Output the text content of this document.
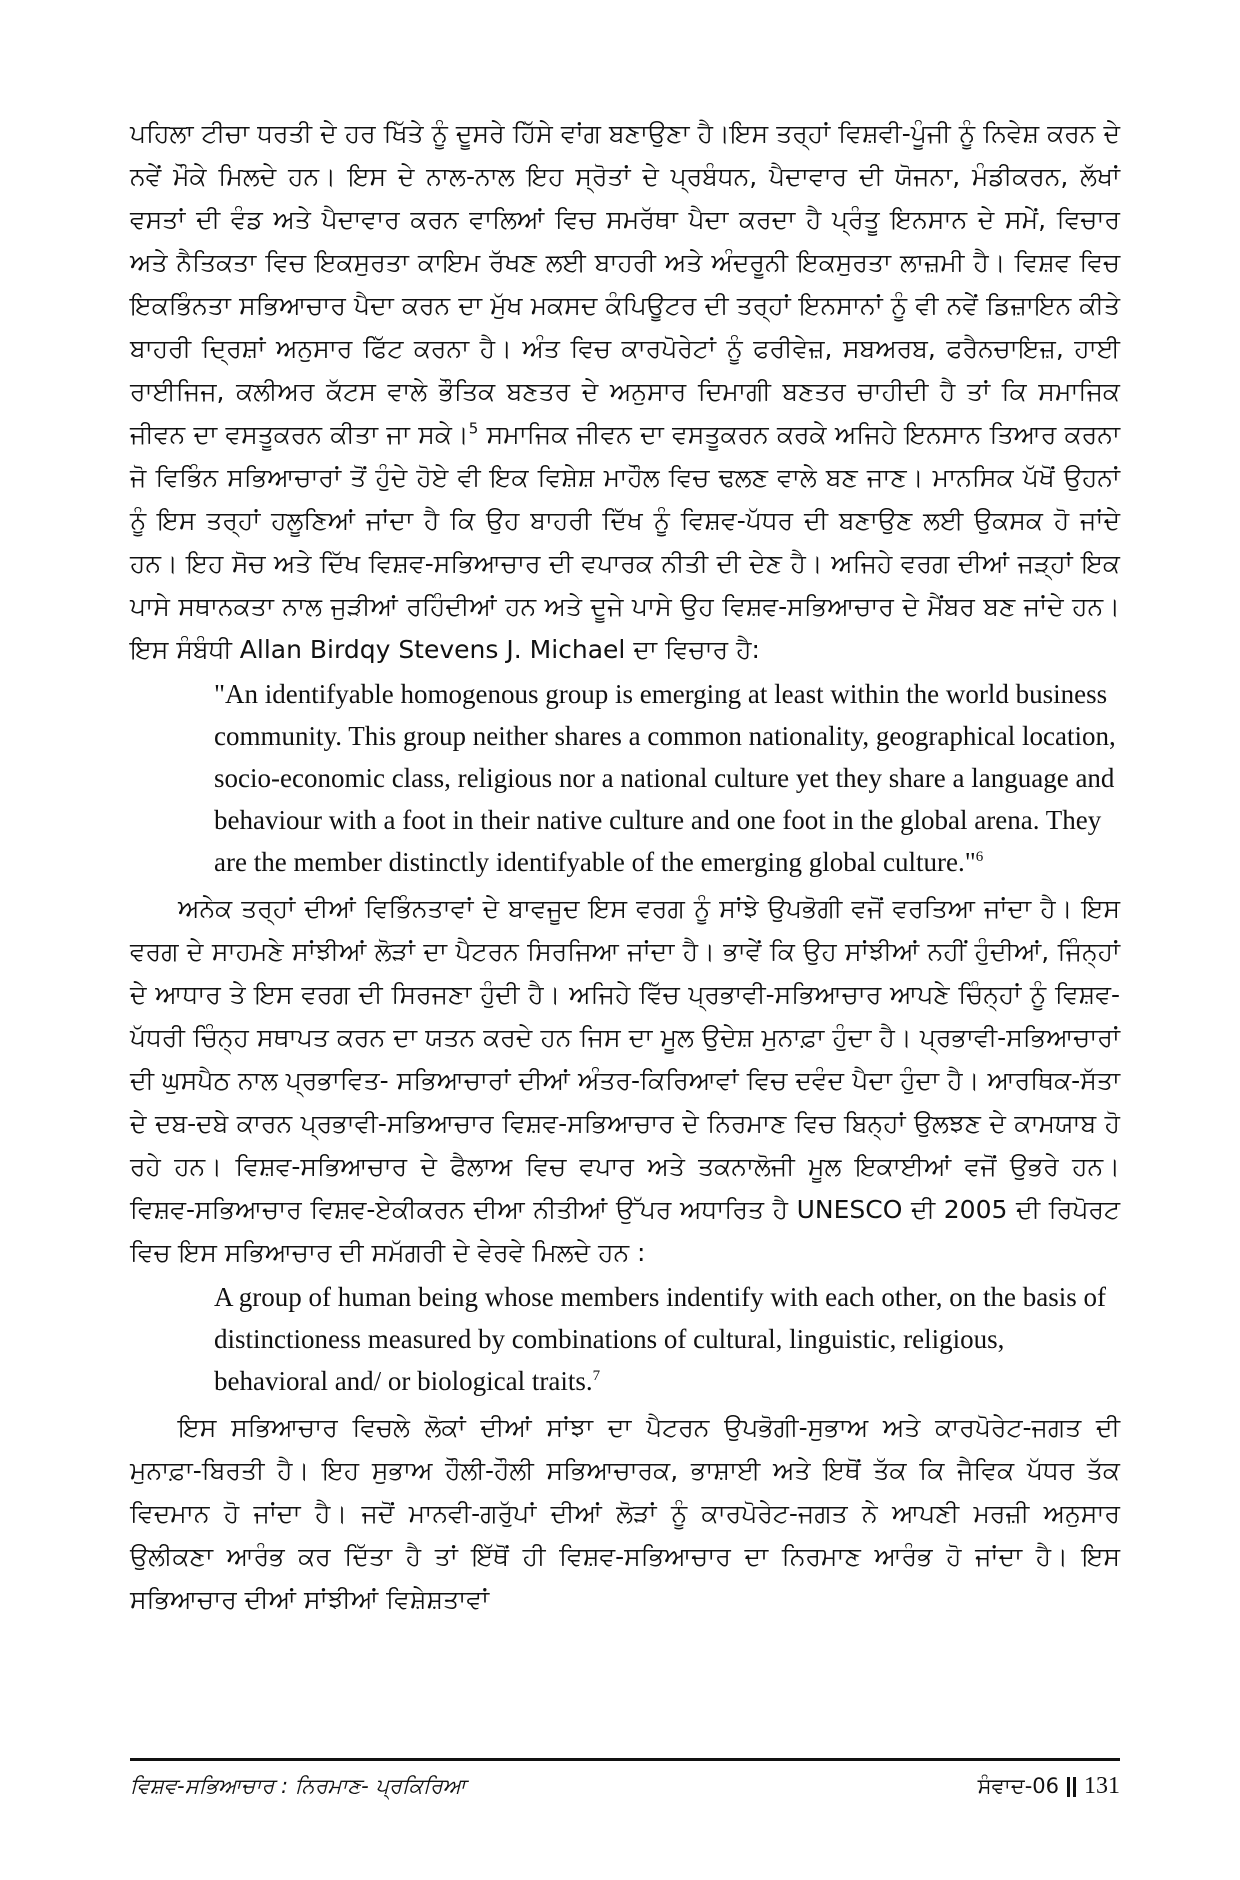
ਪਹਿਲਾ ਟੀਚਾ ਧਰਤੀ ਦੇ ਹਰ ਖਿੱਤੇ ਨੂੰ ਦੂਸਰੇ ਹਿੱਸੇ ਵਾਂਗ ਬਣਾਉਣਾ ਹੈ।ਇਸ ਤਰ੍ਹਾਂ ਵਿਸ਼ਵੀ-ਪੂੰਜੀ ਨੂੰ ਨਿਵੇਸ਼ ਕਰਨ ਦੇ ਨਵੇਂ ਮੌਕੇ ਮਿਲਦੇ ਹਨ। ਇਸ ਦੇ ਨਾਲ-ਨਾਲ ਇਹ ਸ੍ਰੋਤਾਂ ਦੇ ਪ੍ਰਬੰਧਨ, ਪੈਦਾਵਾਰ ਦੀ ਯੋਜਨਾ, ਮੰਡੀਕਰਨ, ਲੱਖਾਂ ਵਸਤਾਂ ਦੀ ਵੰਡ ਅਤੇ ਪੈਦਾਵਾਰ ਕਰਨ ਵਾਲਿਆਂ ਵਿਚ ਸਮਰੱਥਾ ਪੈਦਾ ਕਰਦਾ ਹੈ ਪ੍ਰੰਤੂ ਇਨਸਾਨ ਦੇ ਸਮੇਂ, ਵਿਚਾਰ ਅਤੇ ਨੈਤਿਕਤਾ ਵਿਚ ਇਕਸੁਰਤਾ ਕਾਇਮ ਰੱਖਣ ਲਈ ਬਾਹਰੀ ਅਤੇ ਅੰਦਰੂਨੀ ਇਕਸੁਰਤਾ ਲਾਜ਼ਮੀ ਹੈ। ਵਿਸ਼ਵ ਵਿਚ ਇਕਭਿੰਨਤਾ ਸਭਿਆਚਾਰ ਪੈਦਾ ਕਰਨ ਦਾ ਮੁੱਖ ਮਕਸਦ ਕੰਪਿਊਟਰ ਦੀ ਤਰ੍ਹਾਂ ਇਨਸਾਨਾਂ ਨੂੰ ਵੀ ਨਵੇਂ ਡਿਜ਼ਾਇਨ ਕੀਤੇ ਬਾਹਰੀ ਦ੍ਰਿਸ਼ਾਂ ਅਨੁਸਾਰ ਫਿੱਟ ਕਰਨਾ ਹੈ। ਅੰਤ ਵਿਚ ਕਾਰਪੋਰੇਟਾਂ ਨੂੰ ਫਰੀਵੇਜ਼, ਸਬਅਰਬ, ਫਰੈਨਚਾਇਜ਼, ਹਾਈ ਰਾਈਜਿਜ, ਕਲੀਅਰ ਕੱਟਸ ਵਾਲੇ ਭੌਤਿਕ ਬਣਤਰ ਦੇ ਅਨੁਸਾਰ ਦਿਮਾਗੀ ਬਣਤਰ ਚਾਹੀਦੀ ਹੈ ਤਾਂ ਕਿ ਸਮਾਜਿਕ ਜੀਵਨ ਦਾ ਵਸਤੂਕਰਨ ਕੀਤਾ ਜਾ ਸਕੇ।$^5$ ਸਮਾਜਿਕ ਜੀਵਨ ਦਾ ਵਸਤੂਕਰਨ ਕਰਕੇ ਅਜਿਹੇ ਇਨਸਾਨ ਤਿਆਰ ਕਰਨਾ ਜੋ ਵਿਭਿੰਨ ਸਭਿਆਚਾਰਾਂ ਤੋਂ ਹੁੰਦੇ ਹੋਏ ਵੀ ਇਕ ਵਿਸ਼ੇਸ਼ ਮਾਹੌਲ ਵਿਚ ਢਲਣ ਵਾਲੇ ਬਣ ਜਾਣ। ਮਾਨਸਿਕ ਪੱਖੋਂ ਉਹਨਾਂ ਨੂੰ ਇਸ ਤਰ੍ਹਾਂ ਹਲੂਣਿਆਂ ਜਾਂਦਾ ਹੈ ਕਿ ਉਹ ਬਾਹਰੀ ਦਿੱਖ ਨੂੰ ਵਿਸ਼ਵ-ਪੱਧਰ ਦੀ ਬਣਾਉਣ ਲਈ ਉਕਸਕ ਹੋ ਜਾਂਦੇ ਹਨ। ਇਹ ਸੋਚ ਅਤੇ ਦਿੱਖ ਵਿਸ਼ਵ-ਸਭਿਆਚਾਰ ਦੀ ਵਪਾਰਕ ਨੀਤੀ ਦੀ ਦੇਣ ਹੈ। ਅਜਿਹੇ ਵਰਗ ਦੀਆਂ ਜੜ੍ਹਾਂ ਇਕ ਪਾਸੇ ਸਥਾਨਕਤਾ ਨਾਲ ਜੁੜੀਆਂ ਰਹਿੰਦੀਆਂ ਹਨ ਅਤੇ ਦੂਜੇ ਪਾਸੇ ਉਹ ਵਿਸ਼ਵ-ਸਭਿਆਚਾਰ ਦੇ ਮੈਂਬਰ ਬਣ ਜਾਂਦੇ ਹਨ। ਇਸ ਸੰਬੰਧੀ Allan Birdqy Stevens J. Michael ਦਾ ਵਿਚਾਰ ਹੈ:

"An identifyable homogenous group is emerging at least within the world business community. This group neither shares a common nationality, geographical location, socio-economic class, religious nor a national culture yet they share a language and behaviour with a foot in their native culture and one foot in the global arena. They are the member distinctly identifyable of the emerging global culture."$^6$

ਅਨੇਕ ਤਰ੍ਹਾਂ ਦੀਆਂ ਵਿਭਿੰਨਤਾਵਾਂ ਦੇ ਬਾਵਜੂਦ ਇਸ ਵਰਗ ਨੂੰ ਸਾਂਝੇ ਉਪਭੋਗੀ ਵਜੋਂ ਵਰਤਿਆ ਜਾਂਦਾ ਹੈ। ਇਸ ਵਰਗ ਦੇ ਸਾਹਮਣੇ ਸਾਂਝੀਆਂ ਲੋੜਾਂ ਦਾ ਪੈਟਰਨ ਸਿਰਜਿਆ ਜਾਂਦਾ ਹੈ। ਭਾਵੇਂ ਕਿ ਉਹ ਸਾਂਝੀਆਂ ਨਹੀਂ ਹੁੰਦੀਆਂ, ਜਿੰਨ੍ਹਾਂ ਦੇ ਆਧਾਰ ਤੇ ਇਸ ਵਰਗ ਦੀ ਸਿਰਜਣਾ ਹੁੰਦੀ ਹੈ। ਅਜਿਹੇ ਵਿੱਚ ਪ੍ਰਭਾਵੀ-ਸਭਿਆਚਾਰ ਆਪਣੇ ਚਿੰਨ੍ਹਾਂ ਨੂੰ ਵਿਸ਼ਵ-ਪੱਧਰੀ ਚਿੰਨ੍ਹ ਸਥਾਪਤ ਕਰਨ ਦਾ ਯਤਨ ਕਰਦੇ ਹਨ ਜਿਸ ਦਾ ਮੂਲ ਉਦੇਸ਼ ਮੁਨਾਫ਼ਾ ਹੁੰਦਾ ਹੈ। ਪ੍ਰਭਾਵੀ-ਸਭਿਆਚਾਰਾਂ ਦੀ ਘੁਸਪੈਠ ਨਾਲ ਪ੍ਰਭਾਵਿਤ- ਸਭਿਆਚਾਰਾਂ ਦੀਆਂ ਅੰਤਰ-ਕਿਰਿਆਵਾਂ ਵਿਚ ਦਵੰਦ ਪੈਦਾ ਹੁੰਦਾ ਹੈ। ਆਰਥਿਕ-ਸੱਤਾ ਦੇ ਦਬ-ਦਬੇ ਕਾਰਨ ਪ੍ਰਭਾਵੀ-ਸਭਿਆਚਾਰ ਵਿਸ਼ਵ-ਸਭਿਆਚਾਰ ਦੇ ਨਿਰਮਾਣ ਵਿਚ ਬਿਨ੍ਹਾਂ ਉਲਝਣ ਦੇ ਕਾਮਯਾਬ ਹੋ ਰਹੇ ਹਨ। ਵਿਸ਼ਵ-ਸਭਿਆਚਾਰ ਦੇ ਫੈਲਾਅ ਵਿਚ ਵਪਾਰ ਅਤੇ ਤਕਨਾਲੋਜੀ ਮੂਲ ਇਕਾਈਆਂ ਵਜੋਂ ਉਭਰੇ ਹਨ। ਵਿਸ਼ਵ-ਸਭਿਆਚਾਰ ਵਿਸ਼ਵ-ਏਕੀਕਰਨ ਦੀਆ ਨੀਤੀਆਂ ਉੱਪਰ ਅਧਾਰਿਤ ਹੈ UNESCO ਦੀ 2005 ਦੀ ਰਿਪੋਰਟ ਵਿਚ ਇਸ ਸਭਿਆਚਾਰ ਦੀ ਸਮੱਗਰੀ ਦੇ ਵੇਰਵੇ ਮਿਲਦੇ ਹਨ :

A group of human being whose members indentify with each other, on the basis of distinctioness measured by combinations of cultural, linguistic, religious, behavioral and/ or biological traits.$^7$

ਇਸ ਸਭਿਆਚਾਰ ਵਿਚਲੇ ਲੋਕਾਂ ਦੀਆਂ ਸਾਂਝਾ ਦਾ ਪੈਟਰਨ ਉਪਭੋਗੀ-ਸੁਭਾਅ ਅਤੇ ਕਾਰਪੋਰੇਟ-ਜਗਤ ਦੀ ਮੁਨਾਫ਼ਾ-ਬਿਰਤੀ ਹੈ। ਇਹ ਸੁਭਾਅ ਹੌਲੀ-ਹੌਲੀ ਸਭਿਆਚਾਰਕ, ਭਾਸ਼ਾਈ ਅਤੇ ਇਥੋਂ ਤੱਕ ਕਿ ਜੈਵਿਕ ਪੱਧਰ ਤੱਕ ਵਿਦਮਾਨ ਹੋ ਜਾਂਦਾ ਹੈ। ਜਦੋਂ ਮਾਨਵੀ-ਗਰੁੱਪਾਂ ਦੀਆਂ ਲੋੜਾਂ ਨੂੰ ਕਾਰਪੋਰੇਟ-ਜਗਤ ਨੇ ਆਪਣੀ ਮਰਜ਼ੀ ਅਨੁਸਾਰ ਉਲੀਕਣਾ ਆਰੰਭ ਕਰ ਦਿੱਤਾ ਹੈ ਤਾਂ ਇੱਥੋਂ ਹੀ ਵਿਸ਼ਵ-ਸਭਿਆਚਾਰ ਦਾ ਨਿਰਮਾਣ ਆਰੰਭ ਹੋ ਜਾਂਦਾ ਹੈ। ਇਸ ਸਭਿਆਚਾਰ ਦੀਆਂ ਸਾਂਝੀਆਂ ਵਿਸ਼ੇਸ਼ਤਾਵਾਂ

ਵਿਸ਼ਵ-ਸਭਿਆਚਾਰ : ਨਿਰਮਾਣ- ਪ੍ਰਕਿਰਿਆ	ਸੰਵਾਦ-06 131
